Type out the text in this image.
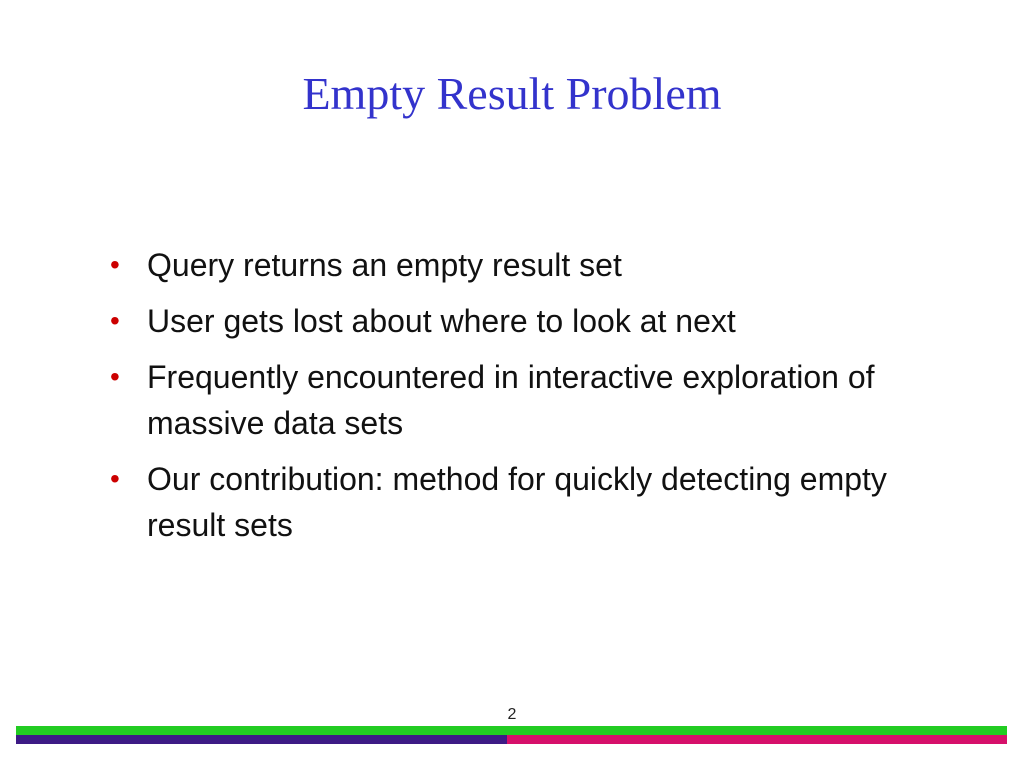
Empty Result Problem
• Query returns an empty result set
• User gets lost about where to look at next
• Frequently encountered in interactive exploration of massive data sets
• Our contribution: method for quickly detecting empty result sets
2
